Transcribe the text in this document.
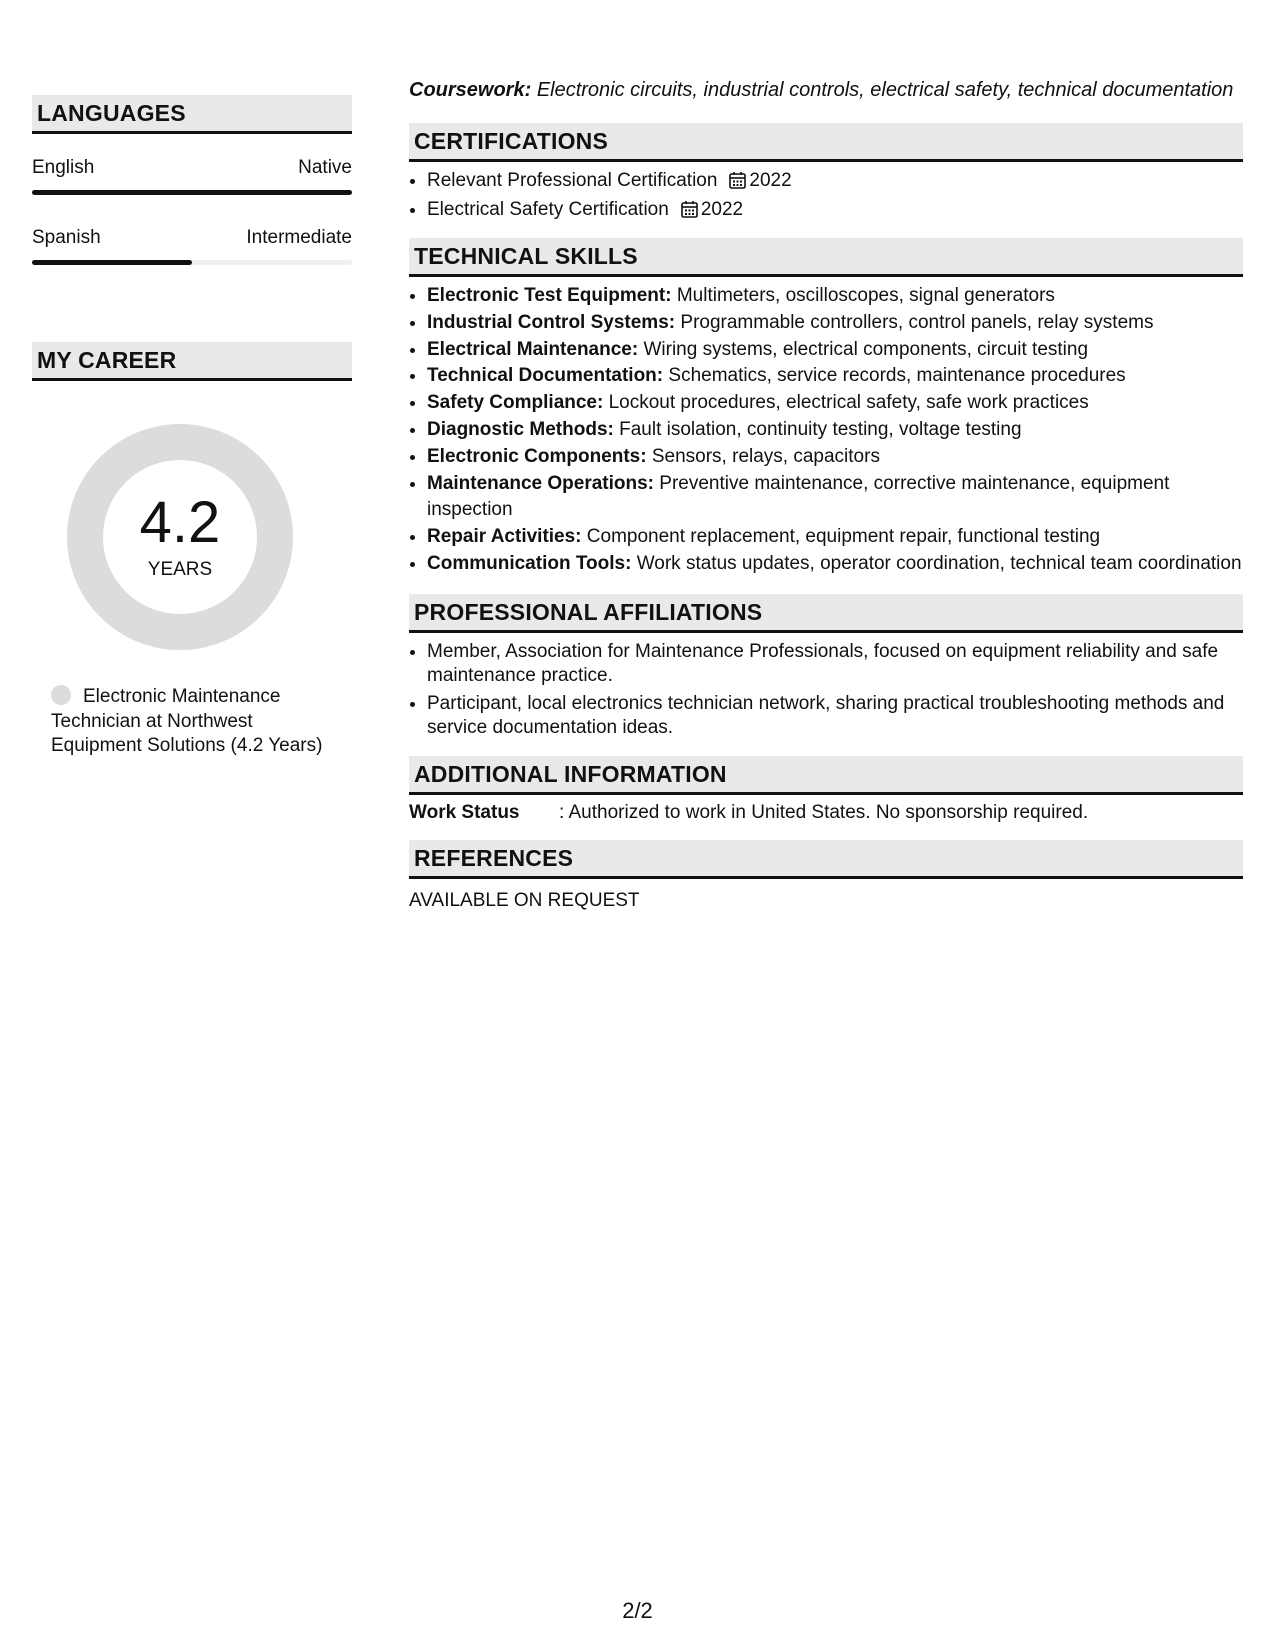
LANGUAGES
English	Native
Spanish	Intermediate
MY CAREER
4.2
YEARS
Electronic Maintenance Technician at Northwest Equipment Solutions (4.2 Years)
Coursework: Electronic circuits, industrial controls, electrical safety, technical documentation
CERTIFICATIONS
• Relevant Professional Certification 2022
• Electrical Safety Certification 2022
TECHNICAL SKILLS
• Electronic Test Equipment: Multimeters, oscilloscopes, signal generators
• Industrial Control Systems: Programmable controllers, control panels, relay systems
• Electrical Maintenance: Wiring systems, electrical components, circuit testing
• Technical Documentation: Schematics, service records, maintenance procedures
• Safety Compliance: Lockout procedures, electrical safety, safe work practices
• Diagnostic Methods: Fault isolation, continuity testing, voltage testing
• Electronic Components: Sensors, relays, capacitors
• Maintenance Operations: Preventive maintenance, corrective maintenance, equipment inspection
• Repair Activities: Component replacement, equipment repair, functional testing
• Communication Tools: Work status updates, operator coordination, technical team coordination
PROFESSIONAL AFFILIATIONS
• Member, Association for Maintenance Professionals, focused on equipment reliability and safe maintenance practice.
• Participant, local electronics technician network, sharing practical troubleshooting methods and service documentation ideas.
ADDITIONAL INFORMATION
Work Status	: Authorized to work in United States. No sponsorship required.
REFERENCES
AVAILABLE ON REQUEST
2/2
